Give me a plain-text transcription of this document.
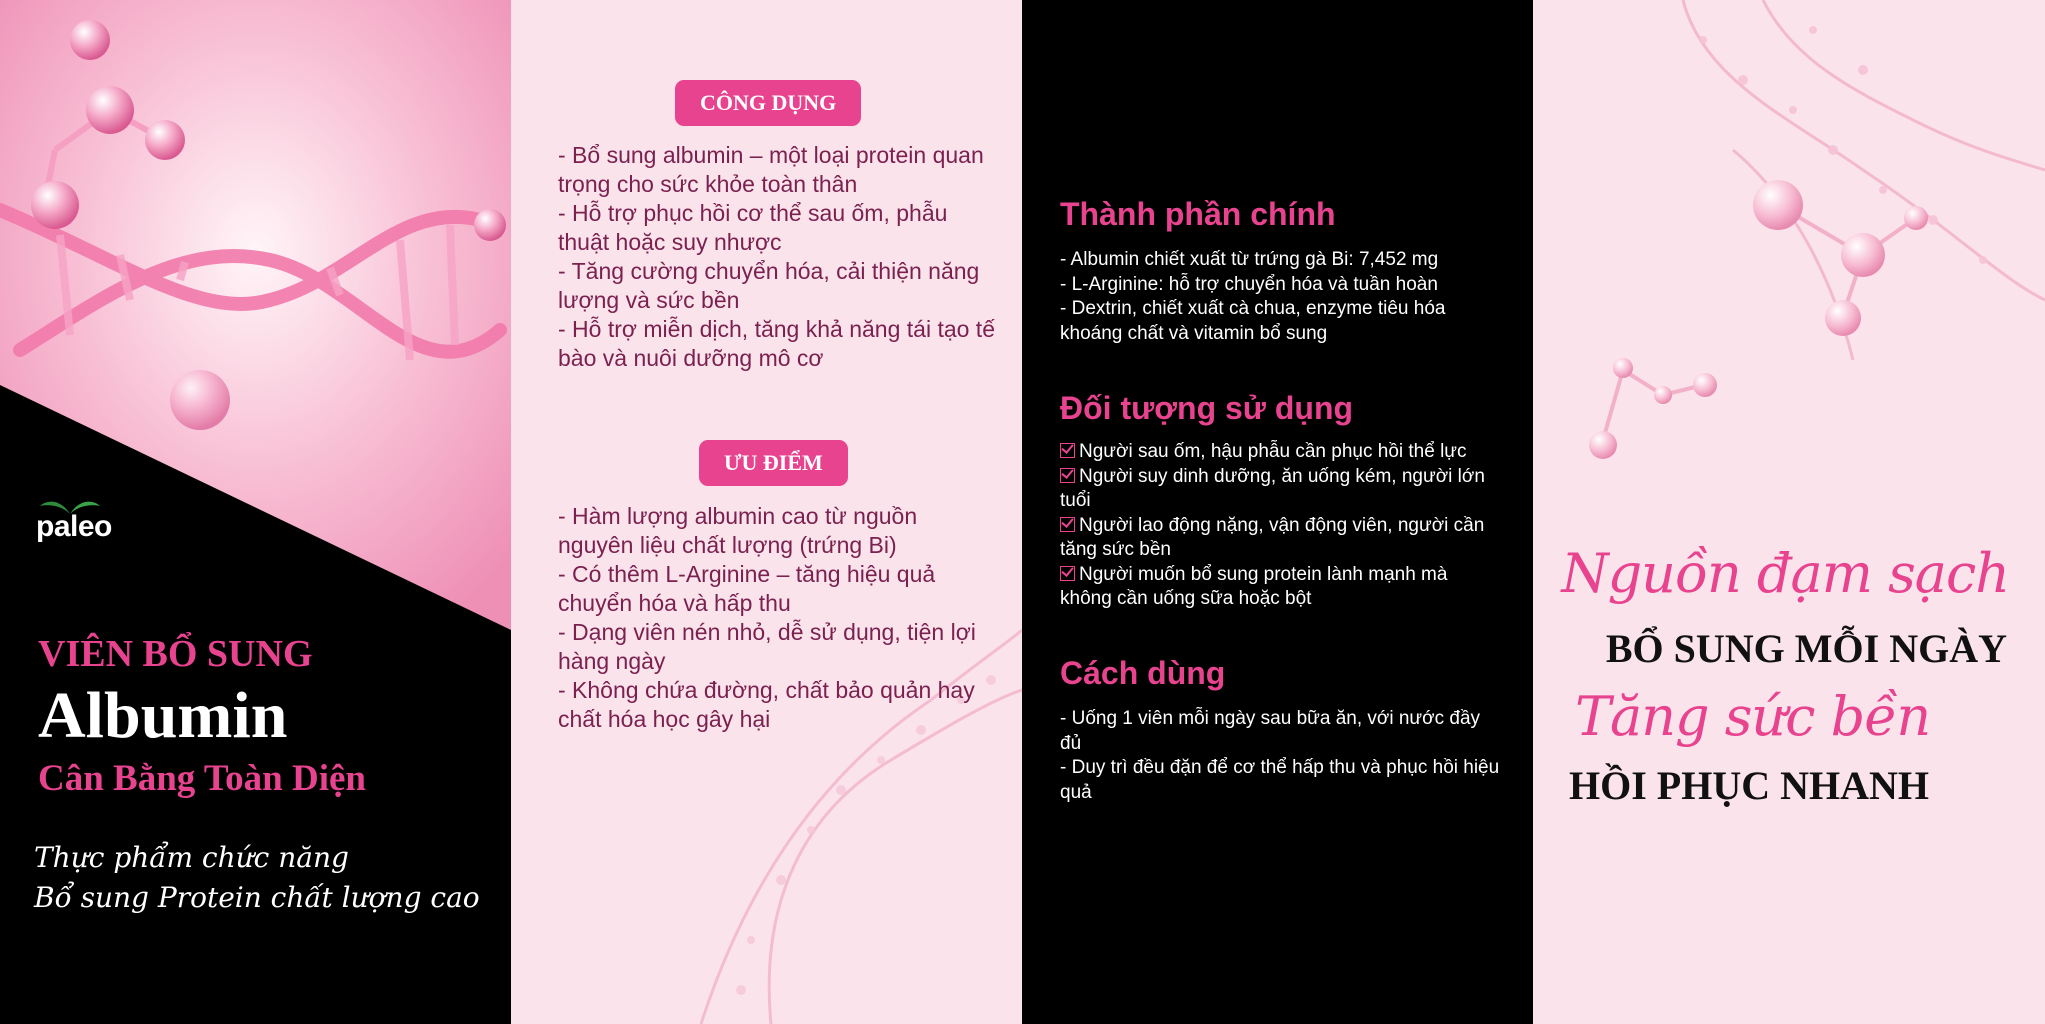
paleo
VIÊN BỔ SUNG
Albumin
Cân Bằng Toàn Diện
Thực phẩm chức năng
Bổ sung Protein chất lượng cao
CÔNG DỤNG
- Bổ sung albumin – một loại protein quan trọng cho sức khỏe toàn thân
- Hỗ trợ phục hồi cơ thể sau ốm, phẫu thuật hoặc suy nhược
- Tăng cường chuyển hóa, cải thiện năng lượng và sức bền
- Hỗ trợ miễn dịch, tăng khả năng tái tạo tế bào và nuôi dưỡng mô cơ
ƯU ĐIỂM
- Hàm lượng albumin cao từ nguồn nguyên liệu chất lượng (trứng Bi)
- Có thêm L-Arginine – tăng hiệu quả chuyển hóa và hấp thu
- Dạng viên nén nhỏ, dễ sử dụng, tiện lợi hàng ngày
- Không chứa đường, chất bảo quản hay chất hóa học gây hại
Thành phần chính
- Albumin chiết xuất từ trứng gà Bi: 7,452 mg
- L-Arginine: hỗ trợ chuyển hóa và tuần hoàn
- Dextrin, chiết xuất cà chua, enzyme tiêu hóa khoáng chất và vitamin bổ sung
Đối tượng sử dụng
Người sau ốm, hậu phẫu cần phục hồi thể lực
Người suy dinh dưỡng, ăn uống kém, người lớn tuổi
Người lao động nặng, vận động viên, người cần tăng sức bền
Người muốn bổ sung protein lành mạnh mà không cần uống sữa hoặc bột
Cách dùng
- Uống 1 viên mỗi ngày sau bữa ăn, với nước đầy đủ
- Duy trì đều đặn để cơ thể hấp thu và phục hồi hiệu quả
Nguồn đạm sạch
BỔ SUNG MỖI NGÀY
Tăng sức bền
HỒI PHỤC NHANH
